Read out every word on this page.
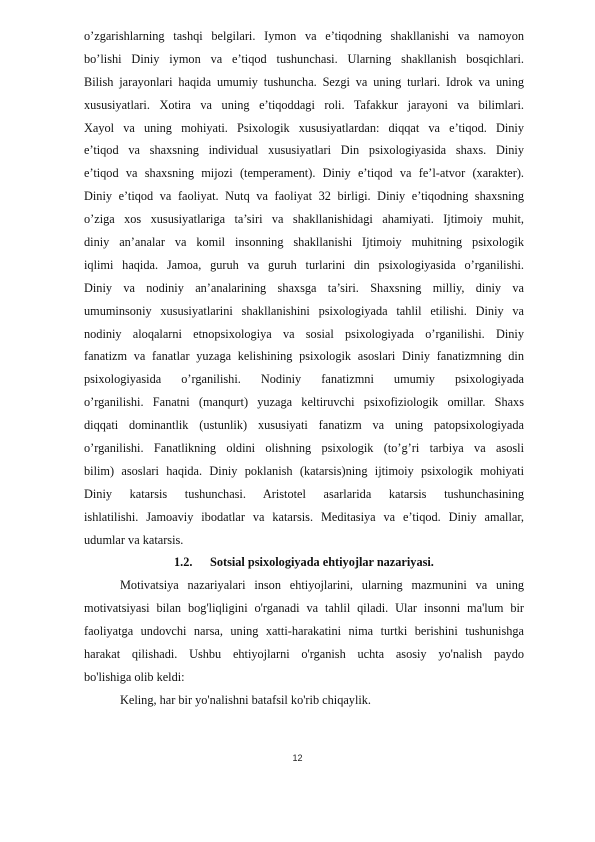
o’zgarishlarning tashqi belgilari. Iymon va e’tiqodning shakllanishi va namoyon
bo’lishi Diniy iymon va e’tiqod tushunchasi. Ularning shakllanish bosqichlari.
Bilish jarayonlari haqida umumiy tushuncha. Sezgi va uning turlari. Idrok va uning
xususiyatlari. Xotira va uning e’tiqoddagi roli. Tafakkur jarayoni va bilimlari.
Xayol va uning mohiyati. Psixologik xususiyatlardan: diqqat va e’tiqod. Diniy
e’tiqod va shaxsning individual xususiyatlari Din psixologiyasida shaxs. Diniy
e’tiqod va shaxsning mijozi (temperament). Diniy e’tiqod va fe’l-atvor (xarakter).
Diniy e’tiqod va faoliyat. Nutq va faoliyat 32 birligi. Diniy e’tiqodning shaxsning
o’ziga xos xususiyatlariga ta’siri va shakllanishidagi ahamiyati. Ijtimoiy muhit,
diniy an’analar va komil insonning shakllanishi Ijtimoiy muhitning psixologik
iqlimi haqida. Jamoa, guruh va guruh turlarini din psixologiyasida o’rganilishi.
Diniy va nodiniy an’analarining shaxsga ta’siri. Shaxsning milliy, diniy va
umuminsoniy xususiyatlarini shakllanishini psixologiyada tahlil etilishi. Diniy va
nodiniy aloqalarni etnopsixologiya va sosial psixologiyada o’rganilishi. Diniy
fanatizm va fanatlar yuzaga kelishining psixologik asoslari Diniy fanatizmning din
psixologiyasida o’rganilishi. Nodiniy fanatizmni umumiy psixologiyada
o’rganilishi. Fanatni (manqurt) yuzaga keltiruvchi psixofiziologik omillar. Shaxs
diqqati dominantlik (ustunlik) xususiyati fanatizm va uning patopsixologiyada
o’rganilishi. Fanatlikning oldini olishning psixologik (to’g’ri tarbiya va asosli
bilim) asoslari haqida. Diniy poklanish (katarsis)ning ijtimoiy psixologik mohiyati
Diniy katarsis tushunchasi. Aristotel asarlarida katarsis tushunchasining
ishlatilishi. Jamoaviy ibodatlar va katarsis. Meditasiya va e’tiqod. Diniy amallar,
udumlar va katarsis.
1.2. Sotsial psixologiyada ehtiyojlar nazariyasi.
Motivatsiya nazariyalari inson ehtiyojlarini, ularning mazmunini va uning
motivatsiyasi bilan bog'liqligini o'rganadi va tahlil qiladi. Ular insonni ma'lum bir
faoliyatga undovchi narsa, uning xatti-harakatini nima turtki berishini tushunishga
harakat qilishadi. Ushbu ehtiyojlarni o'rganish uchta asosiy yo'nalish paydo
bo'lishiga olib keldi:
Keling, har bir yo'nalishni batafsil ko'rib chiqaylik.
12
